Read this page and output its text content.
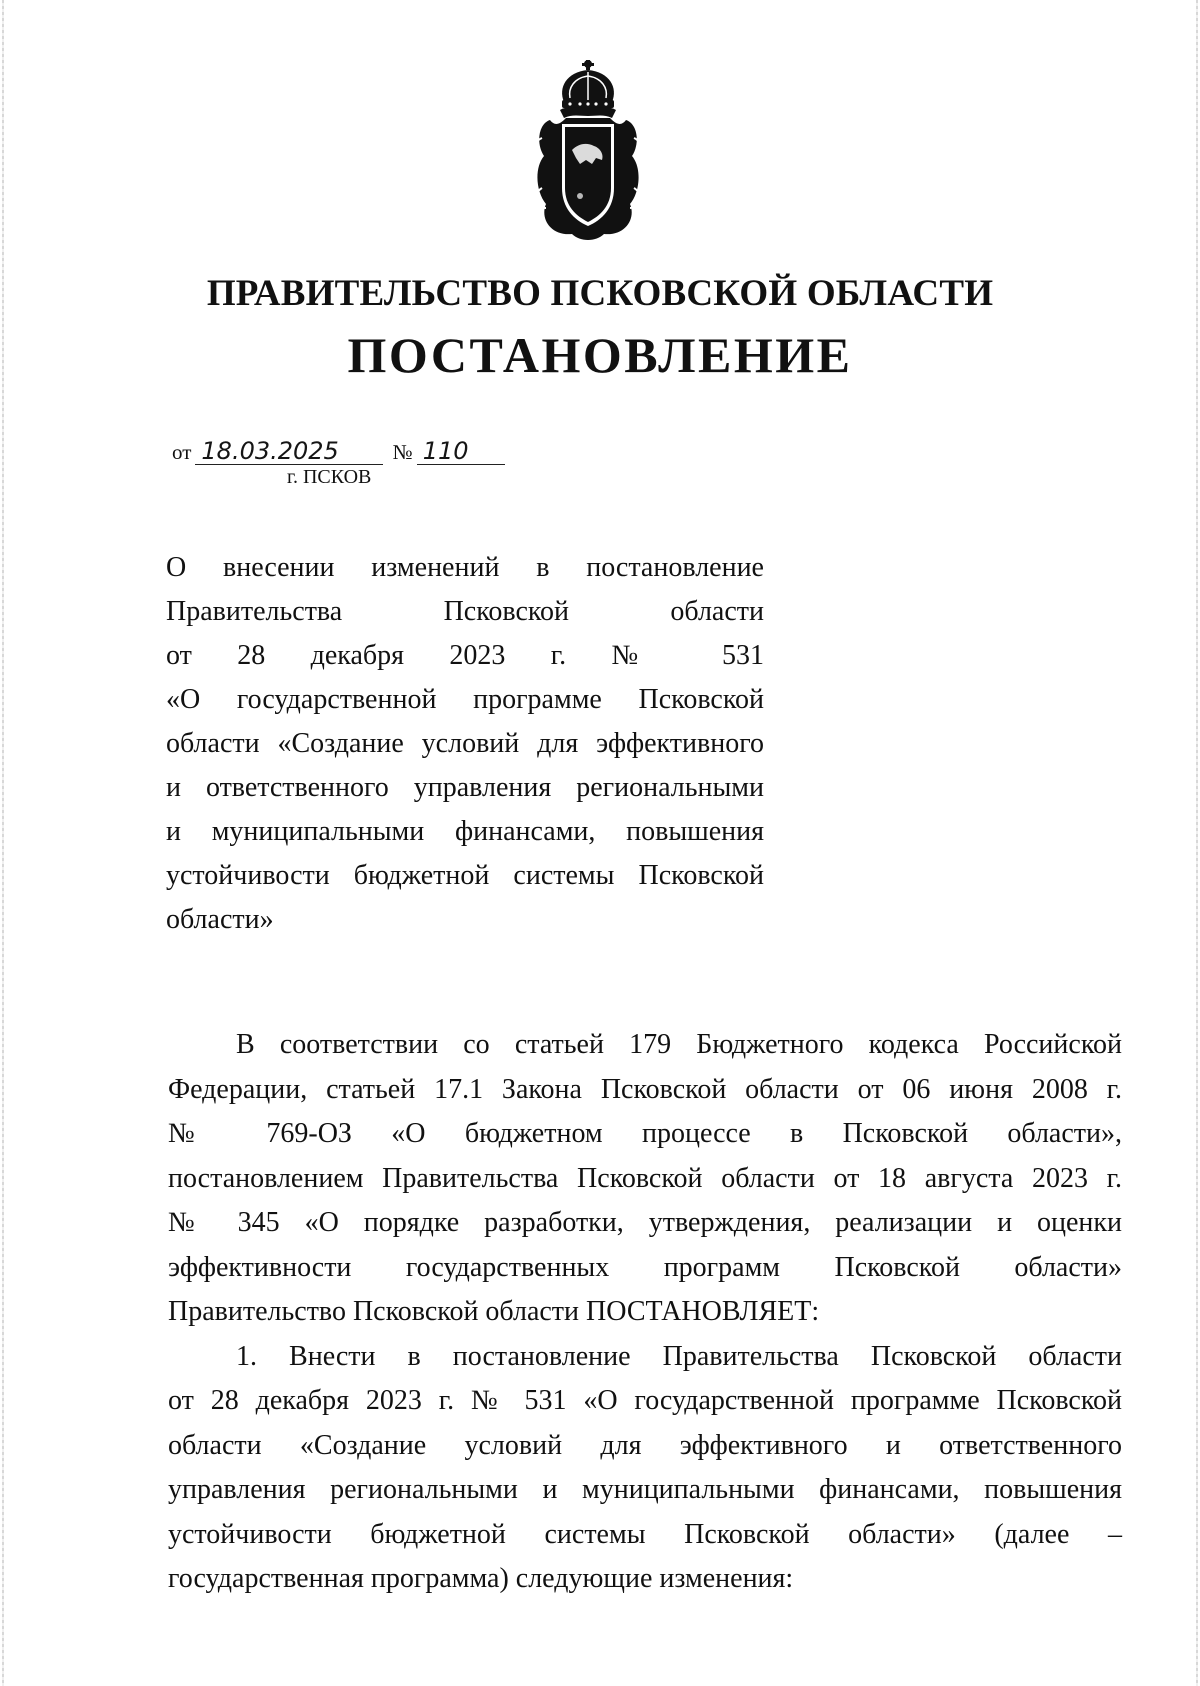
ПРАВИТЕЛЬСТВО ПСКОВСКОЙ ОБЛАСТИ
ПОСТАНОВЛЕНИЕ
от 18.03.2025	№ 110
г. ПСКОВ
О внесении изменений в постановление
Правительства Псковской области
от 28 декабря 2023 г. № 531
«О государственной программе Псковской
области «Создание условий для эффективного
и ответственного управления региональными
и муниципальными финансами, повышения
устойчивости бюджетной системы Псковской
области»
В соответствии со статьей 179 Бюджетного кодекса Российской
Федерации, статьей 17.1 Закона Псковской области от 06 июня 2008 г.
№ 769-ОЗ «О бюджетном процессе в Псковской области»,
постановлением Правительства Псковской области от 18 августа 2023 г.
№ 345 «О порядке разработки, утверждения, реализации и оценки
эффективности государственных программ Псковской области»
Правительство Псковской области ПОСТАНОВЛЯЕТ:
1. Внести в постановление Правительства Псковской области
от 28 декабря 2023 г. № 531 «О государственной программе Псковской
области «Создание условий для эффективного и ответственного
управления региональными и муниципальными финансами, повышения
устойчивости бюджетной системы Псковской области» (далее –
государственная программа) следующие изменения:
